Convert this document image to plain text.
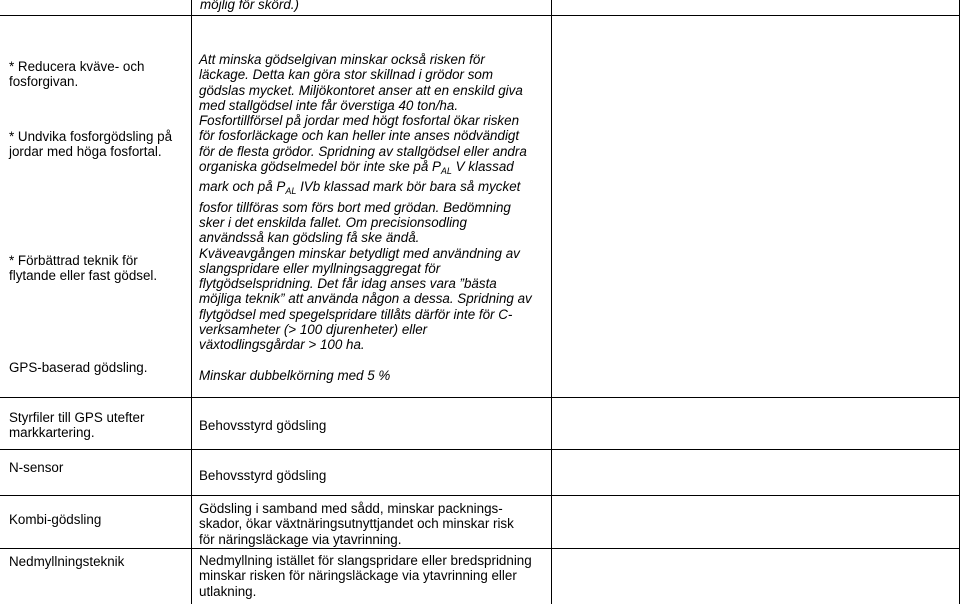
möjlig för skörd.)
* Reducera kväve- och
fosforgivan.
* Undvika fosforgödsling på
jordar med höga fosfortal.
* Förbättrad teknik för
flytande eller fast gödsel.
GPS-baserad gödsling.
Att minska gödselgivan minskar också risken för
läckage. Detta kan göra stor skillnad i grödor som
gödslas mycket. Miljökontoret anser att en enskild giva
med stallgödsel inte får överstiga 40 ton/ha.
Fosfortillförsel på jordar med högt fosfortal ökar risken
för fosforläckage och kan heller inte anses nödvändigt
för de flesta grödor. Spridning av stallgödsel eller andra
organiska gödselmedel bör inte ske på $P_{AL}$ V klassad
mark och på $P_{AL}$ IVb klassad mark bör bara så mycket
fosfor tillföras som förs bort med grödan. Bedömning
sker i det enskilda fallet. Om precisionsodling
användsså kan gödsling få ske ändå.
Kväveavgången minskar betydligt med användning av
slangspridare eller myllningsaggregat för
flytgödselspridning. Det får idag anses vara ”bästa
möjliga teknik” att använda någon a dessa. Spridning av
flytgödsel med spegelspridare tillåts därför inte för C-
verksamheter (> 100 djurenheter) eller
växtodlingsgårdar > 100 ha.
Minskar dubbelkörning med 5 %
Styrfiler till GPS utefter
markkartering.	Behovsstyrd gödsling
N-sensor
Behovsstyrd gödsling
Kombi-gödsling
Gödsling i samband med sådd, minskar packnings-
skador, ökar växtnäringsutnyttjandet och minskar risk
för näringsläckage via ytavrinning.
Nedmyllningsteknik	Nedmyllning istället för slangspridare eller bredspridning
minskar risken för näringsläckage via ytavrinning eller
utlakning.
